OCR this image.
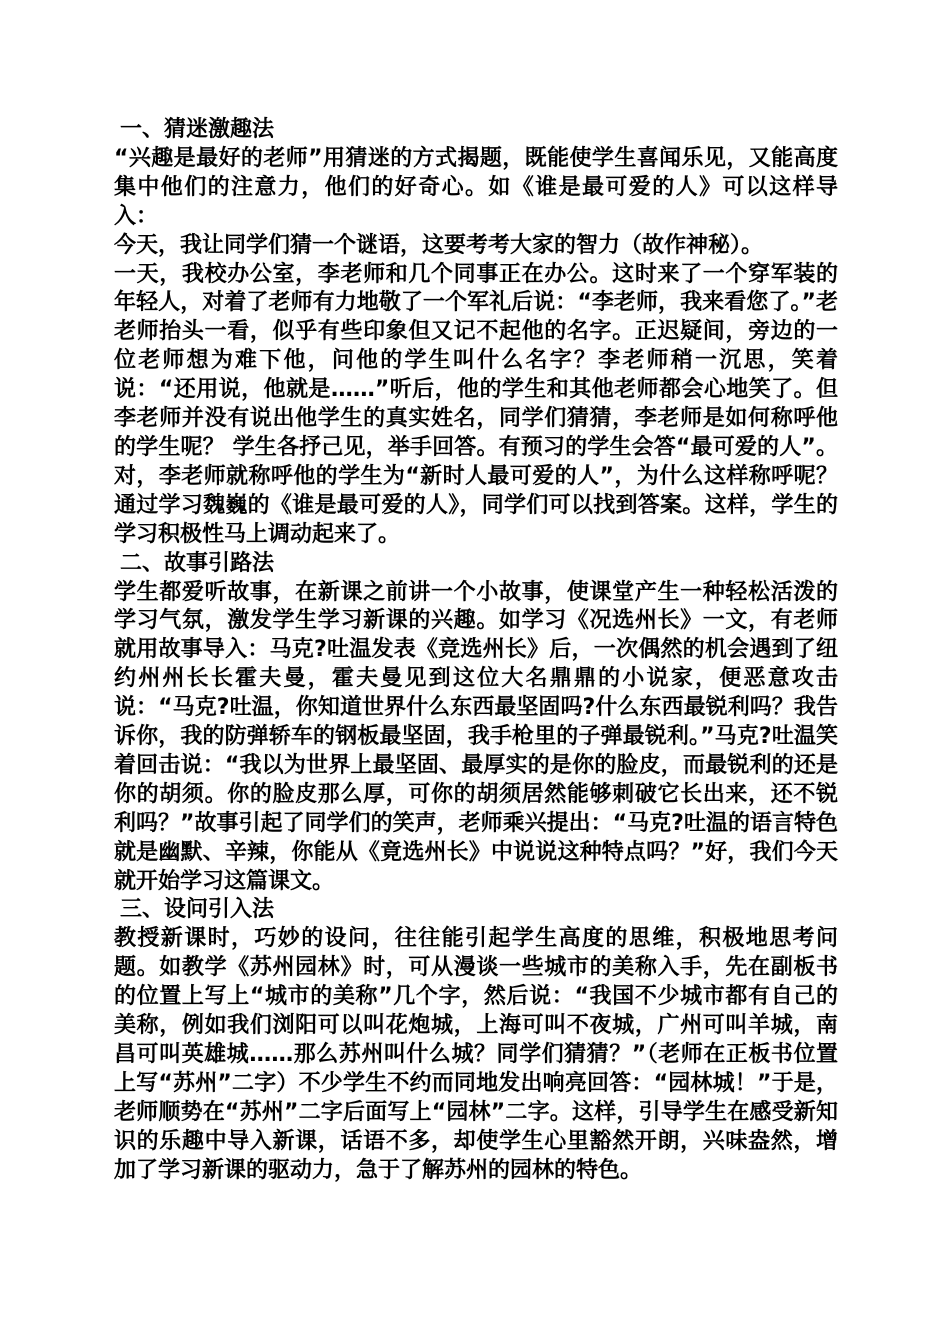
一、猜迷激趣法

“兴趣是最好的老师”用猜迷的方式揭题，既能使学生喜闻乐见，又能高度集中他们的注意力，他们的好奇心。如《谁是最可爱的人》可以这样导入：

今天，我让同学们猜一个谜语，这要考考大家的智力（故作神秘）。

一天，我校办公室，李老师和几个同事正在办公。这时来了一个穿军装的年轻人，对着了老师有力地敬了一个军礼后说：“李老师，我来看您了。”老老师抬头一看，似乎有些印象但又记不起他的名字。正迟疑间，旁边的一位老师想为难下他，问他的学生叫什么名字？李老师稍一沉思，笑着说：“还用说，他就是……”听后，他的学生和其他老师都会心地笑了。但李老师并没有说出他学生的真实姓名，同学们猜猜，李老师是如何称呼他的学生呢？ 学生各抒己见，举手回答。有预习的学生会答“最可爱的人”。对，李老师就称呼他的学生为“新时人最可爱的人”，为什么这样称呼呢？通过学习魏巍的《谁是最可爱的人》，同学们可以找到答案。这样，学生的学习积极性马上调动起来了。

二、故事引路法

学生都爱听故事，在新课之前讲一个小故事，使课堂产生一种轻松活泼的学习气氛，激发学生学习新课的兴趣。如学习《况选州长》一文，有老师就用故事导入：马克?吐温发表《竞选州长》后，一次偶然的机会遇到了纽约州州长长霍夫曼，霍夫曼见到这位大名鼎鼎的小说家，便恶意攻击说：“马克?吐温，你知道世界什么东西最坚固吗?什么东西最锐利吗？我告诉你，我的防弹轿车的钢板最坚固，我手枪里的子弹最锐利。”马克?吐温笑着回击说：“我以为世界上最坚固、最厚实的是你的脸皮，而最锐利的还是你的胡须。你的脸皮那么厚，可你的胡须居然能够刺破它长出来，还不锐利吗？”故事引起了同学们的笑声，老师乘兴提出：“马克?吐温的语言特色就是幽默、辛辣，你能从《竟选州长》中说说这种特点吗？”好，我们今天就开始学习这篇课文。

三、设问引入法

教授新课时，巧妙的设问，往往能引起学生高度的思维，积极地思考问题。如教学《苏州园林》时，可从漫谈一些城市的美称入手，先在副板书的位置上写上“城市的美称”几个字，然后说：“我国不少城市都有自己的美称，例如我们浏阳可以叫花炮城，上海可叫不夜城，广州可叫羊城，南昌可叫英雄城……那么苏州叫什么城？同学们猜猜？”（老师在正板书位置上写“苏州”二字）不少学生不约而同地发出响亮回答：“园林城！”于是，老师顺势在“苏州”二字后面写上“园林”二字。这样，引导学生在感受新知识的乐趣中导入新课，话语不多，却使学生心里豁然开朗，兴味盎然，增加了学习新课的驱动力，急于了解苏州的园林的特色。
